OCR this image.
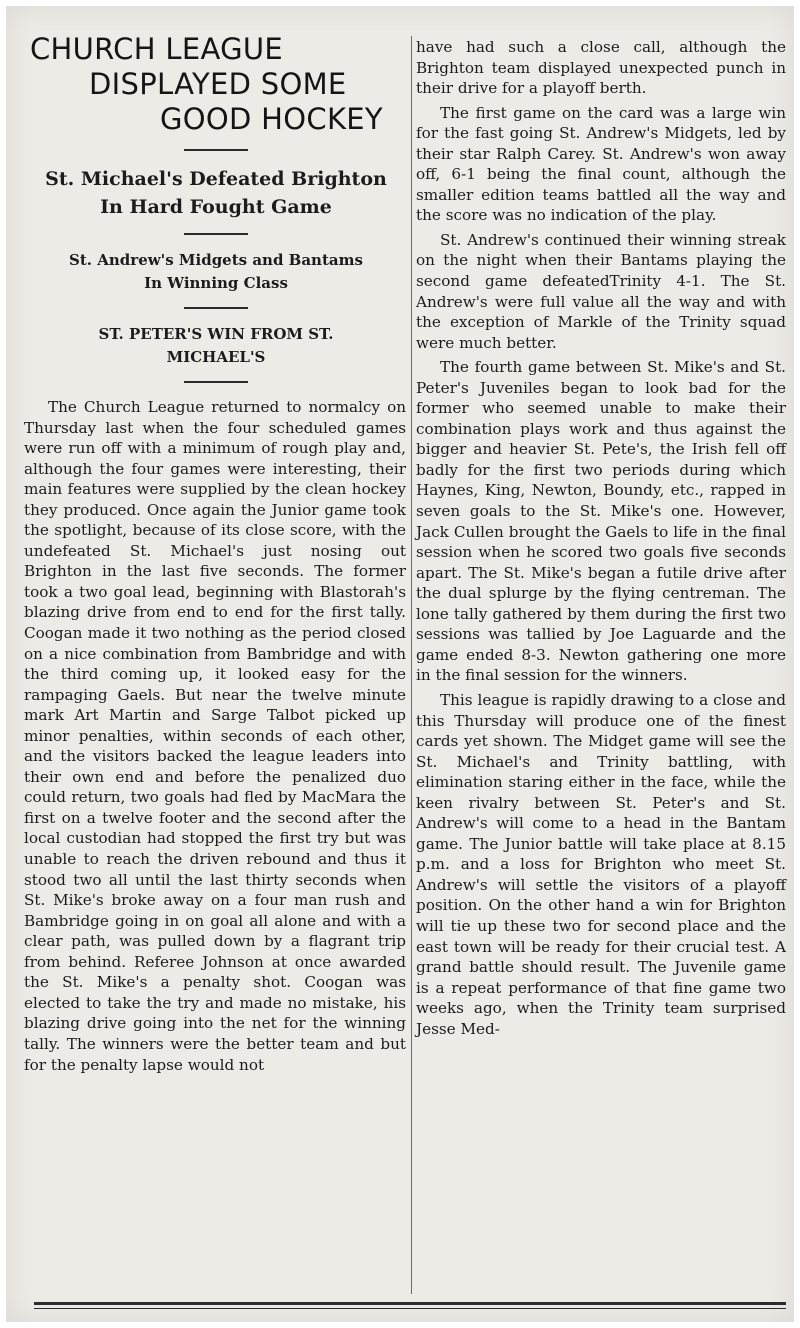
CHURCH LEAGUE
DISPLAYED SOME
GOOD HOCKEY
St. Michael's Defeated Brighton
In Hard Fought Game
St. Andrew's Midgets and Bantams
In Winning Class
ST. PETER'S WIN FROM ST.
MICHAEL'S

The Church League returned to normalcy on Thursday last when the four scheduled games were run off with a minimum of rough play and, although the four games were interesting, their main features were supplied by the clean hockey they produced. Once again the Junior game took the spotlight, because of its close score, with the undefeated St. Michael's just nosing out Brighton in the last five seconds. The former took a two goal lead, beginning with Blastorah's blazing drive from end to end for the first tally. Coogan made it two nothing as the period closed on a nice combination from Bambridge and with the third coming up, it looked easy for the rampaging Gaels. But near the twelve minute mark Art Martin and Sarge Talbot picked up minor penalties, within seconds of each other, and the visitors backed the league leaders into their own end and before the penalized duo could return, two goals had fled by MacMara the first on a twelve footer and the second after the local custodian had stopped the first try but was unable to reach the driven rebound and thus it stood two all until the last thirty seconds when St. Mike's broke away on a four man rush and Bambridge going in on goal all alone and with a clear path, was pulled down by a flagrant trip from behind. Referee Johnson at once awarded the St. Mike's a penalty shot. Coogan was elected to take the try and made no mistake, his blazing drive going into the net for the winning tally. The winners were the better team and but for the penalty lapse would not

have had such a close call, although the Brighton team displayed unexpected punch in their drive for a playoff berth.

The first game on the card was a large win for the fast going St. Andrew's Midgets, led by their star Ralph Carey. St. Andrew's won away off, 6-1 being the final count, although the smaller edition teams battled all the way and the score was no indication of the play.

St. Andrew's continued their winning streak on the night when their Bantams playing the second game defeatedTrinity 4-1. The St. Andrew's were full value all the way and with the exception of Markle of the Trinity squad were much better.

The fourth game between St. Mike's and St. Peter's Juveniles began to look bad for the former who seemed unable to make their combination plays work and thus against the bigger and heavier St. Pete's, the Irish fell off badly for the first two periods during which Haynes, King, Newton, Boundy, etc., rapped in seven goals to the St. Mike's one. However, Jack Cullen brought the Gaels to life in the final session when he scored two goals five seconds apart. The St. Mike's began a futile drive after the dual splurge by the flying centreman. The lone tally gathered by them during the first two sessions was tallied by Joe Laguarde and the game ended 8-3. Newton gathering one more in the final session for the winners.

This league is rapidly drawing to a close and this Thursday will produce one of the finest cards yet shown. The Midget game will see the St. Michael's and Trinity battling, with elimination staring either in the face, while the keen rivalry between St. Peter's and St. Andrew's will come to a head in the Bantam game. The Junior battle will take place at 8.15 p.m. and a loss for Brighton who meet St. Andrew's will settle the visitors of a playoff position. On the other hand a win for Brighton will tie up these two for second place and the east town will be ready for their crucial test. A grand battle should result. The Juvenile game is a repeat performance of that fine game two weeks ago, when the Trinity team surprised Jesse Med-
